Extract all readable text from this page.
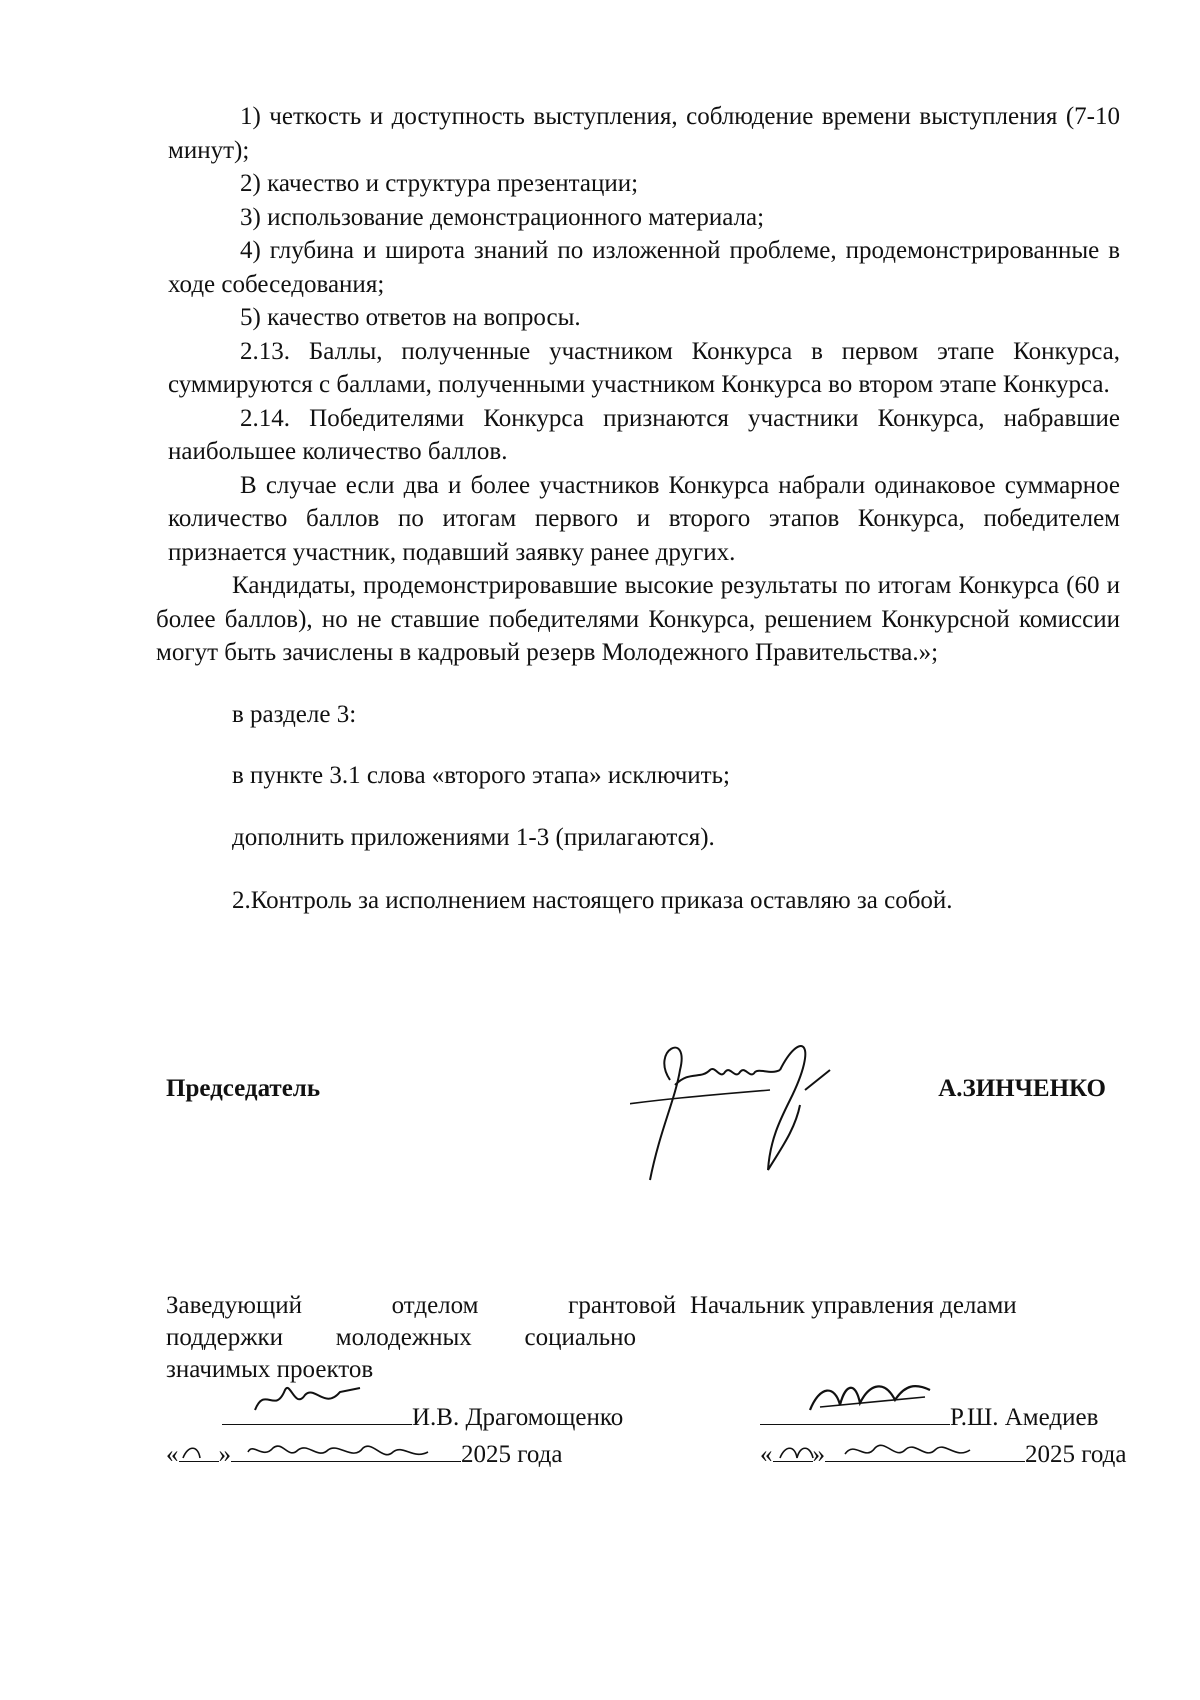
1) четкость и доступность выступления, соблюдение времени выступления (7-10 минут);

2) качество и структура презентации;

3) использование демонстрационного материала;

4) глубина и широта знаний по изложенной проблеме, продемонстрированные в ходе собеседования;

5) качество ответов на вопросы.

2.13. Баллы, полученные участником Конкурса в первом этапе Конкурса, суммируются с баллами, полученными участником Конкурса во втором этапе Конкурса.

2.14. Победителями Конкурса признаются участники Конкурса, набравшие наибольшее количество баллов.

В случае если два и более участников Конкурса набрали одинаковое суммарное количество баллов по итогам первого и второго этапов Конкурса, победителем признается участник, подавший заявку ранее других.

Кандидаты, продемонстрировавшие высокие результаты по итогам Конкурса (60 и более баллов), но не ставшие победителями Конкурса, решением Конкурсной комиссии могут быть зачислены в кадровый резерв Молодежного Правительства.»;

в разделе 3:

в пункте 3.1 слова «второго этапа» исключить;

дополнить приложениями 1-3 (прилагаются).

2.Контроль за исполнением настоящего приказа оставляю за собой.

Председатель	А.ЗИНЧЕНКО
Заведующий	отделом	грантовой
поддержки молодежных социально
значимых проектов
Начальник управления делами
И.В. Драгомощенко
« »	2025 года
Р.Ш. Амедиев
« »	2025 года
